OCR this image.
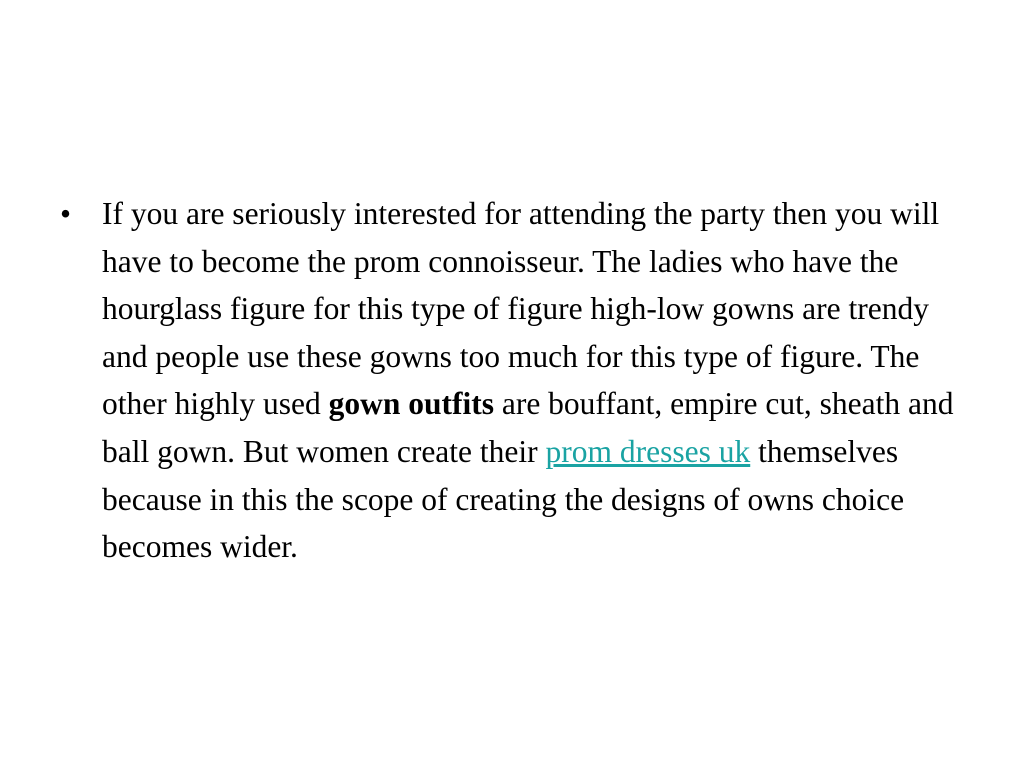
• If you are seriously interested for attending the party then you will have to become the prom connoisseur. The ladies who have the hourglass figure for this type of figure high-low gowns are trendy and people use these gowns too much for this type of figure. The other highly used gown outfits are bouffant, empire cut, sheath and ball gown. But women create their prom dresses uk themselves because in this the scope of creating the designs of owns choice becomes wider.
